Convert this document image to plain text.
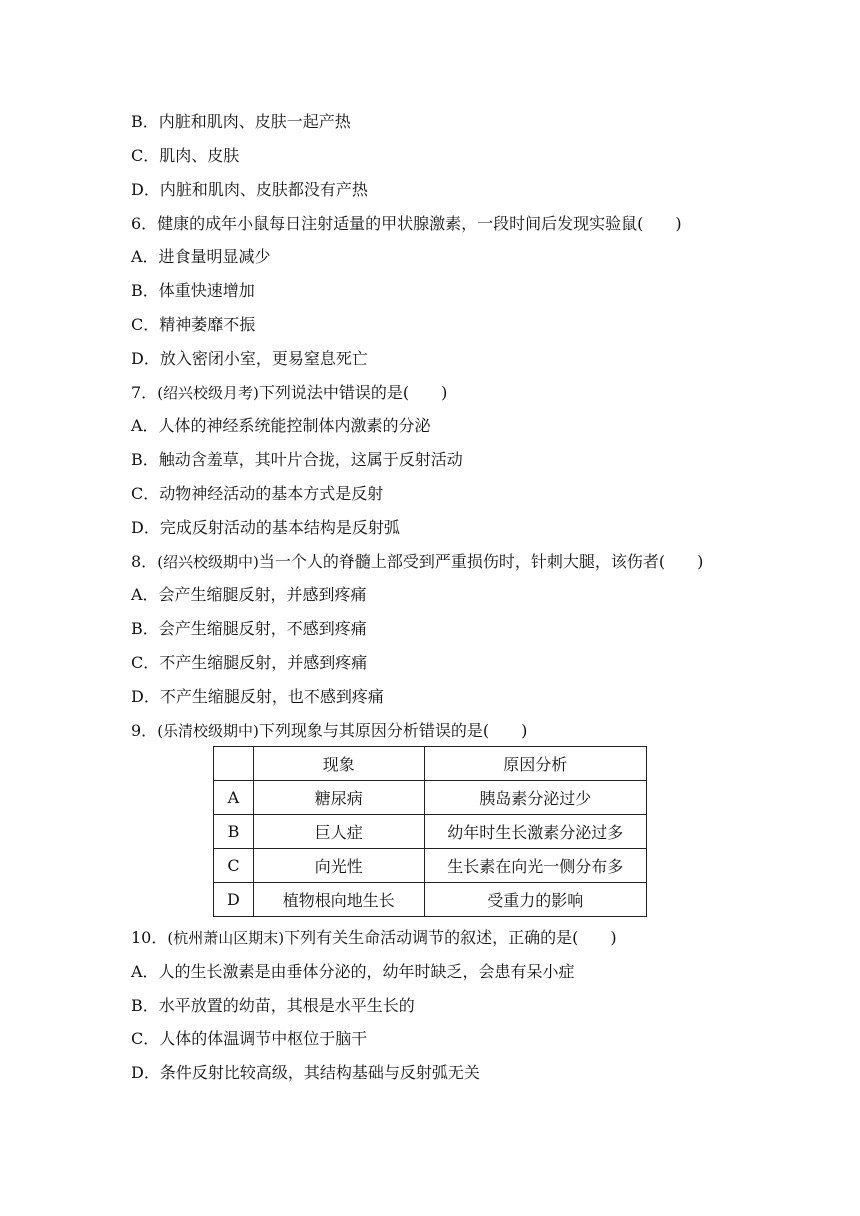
B．内脏和肌肉、皮肤一起产热
C．肌肉、皮肤
D．内脏和肌肉、皮肤都没有产热
6．健康的成年小鼠每日注射适量的甲状腺激素，一段时间后发现实验鼠(　　)
A．进食量明显减少
B．体重快速增加
C．精神萎靡不振
D．放入密闭小室，更易窒息死亡
7．(绍兴校级月考)下列说法中错误的是(　　)
A．人体的神经系统能控制体内激素的分泌
B．触动含羞草，其叶片合拢，这属于反射活动
C．动物神经活动的基本方式是反射
D．完成反射活动的基本结构是反射弧
8．(绍兴校级期中)当一个人的脊髓上部受到严重损伤时，针刺大腿，该伤者(　　)
A．会产生缩腿反射，并感到疼痛
B．会产生缩腿反射，不感到疼痛
C．不产生缩腿反射，并感到疼痛
D．不产生缩腿反射，也不感到疼痛
9．(乐清校级期中)下列现象与其原因分析错误的是(　　)
	现象	原因分析
A	糖尿病	胰岛素分泌过少
B	巨人症	幼年时生长激素分泌过多
C	向光性	生长素在向光一侧分布多
D	植物根向地生长	受重力的影响
10．(杭州萧山区期末)下列有关生命活动调节的叙述，正确的是(　　)
A．人的生长激素是由垂体分泌的，幼年时缺乏，会患有呆小症
B．水平放置的幼苗，其根是水平生长的
C．人体的体温调节中枢位于脑干
D．条件反射比较高级，其结构基础与反射弧无关
